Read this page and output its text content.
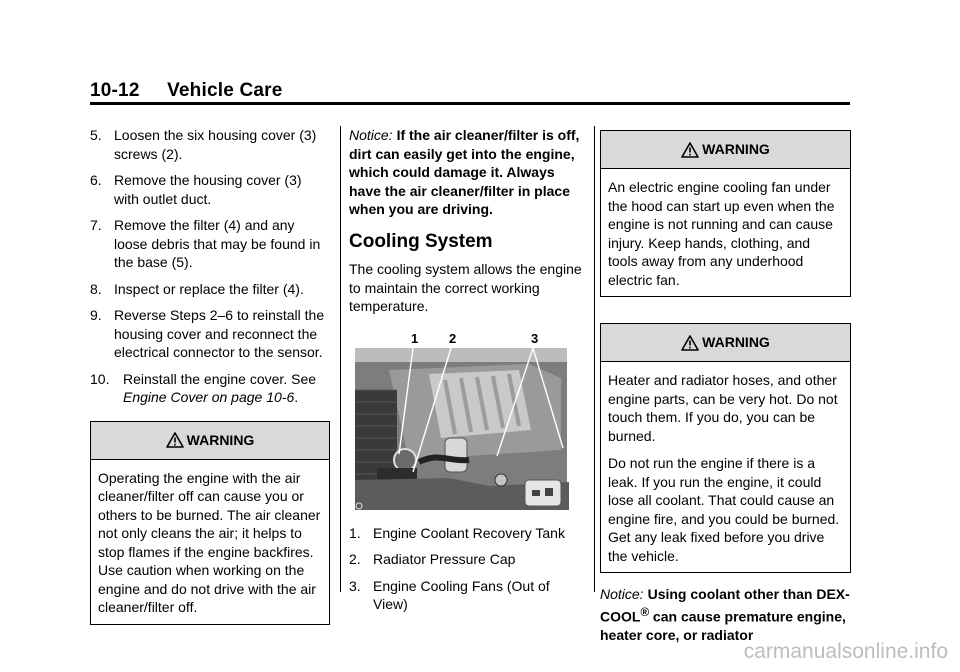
10-12 Vehicle Care
5. Loosen the six housing cover (3) screws (2).
6. Remove the housing cover (3) with outlet duct.
7. Remove the filter (4) and any loose debris that may be found in the base (5).
8. Inspect or replace the filter (4).
9. Reverse Steps 2–6 to reinstall the housing cover and reconnect the electrical connector to the sensor.
10. Reinstall the engine cover. See
Engine Cover on page 10-6.
WARNING

Operating the engine with the air cleaner/filter off can cause you or others to be burned. The air cleaner not only cleans the air; it helps to stop flames if the engine backfires. Use caution when working on the engine and do not drive with the air cleaner/filter off.

Notice: If the air cleaner/filter is off, dirt can easily get into the engine, which could damage it. Always have the air cleaner/filter in place when you are driving.

Cooling System

The cooling system allows the engine to maintain the correct working temperature.

1 2	3
1. Engine Coolant Recovery Tank
2. Radiator Pressure Cap
3. Engine Cooling Fans (Out of View)
WARNING

An electric engine cooling fan under the hood can start up even when the engine is not running and can cause injury. Keep hands, clothing, and tools away from any underhood electric fan.

WARNING

Heater and radiator hoses, and other engine parts, can be very hot. Do not touch them. If you do, you can be burned.

Do not run the engine if there is a leak. If you run the engine, it could lose all coolant. That could cause an engine fire, and you could be burned. Get any leak fixed before you drive the vehicle.

Notice: Using coolant other than DEX-COOL® can cause premature engine, heater core, or radiator

carmanualsonline.info
